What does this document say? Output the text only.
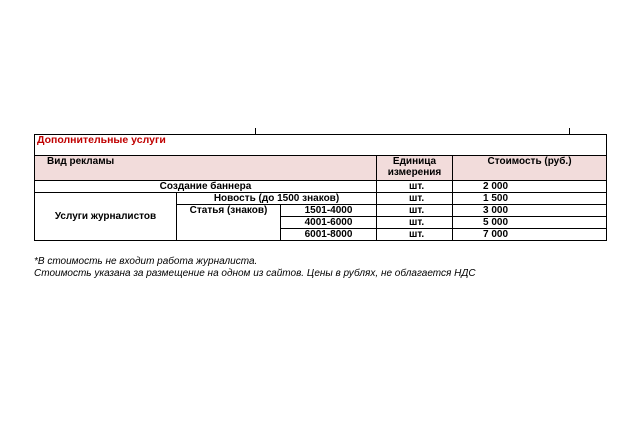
Дополнительные услуги				
Вид рекламы			Единица измерения	Стоимость (руб.)
Создание баннера			шт.	2 000
Услуги журналистов	Новость (до 1500 знаков)		шт.	1 500
	Статья (знаков)	1501-4000	шт.	3 000
		4001-6000	шт.	5 000
		6001-8000	шт.	7 000
*В стоимость не входит работа журналиста.
Стоимость указана за размещение на одном из сайтов. Цены в рублях, не облагается НДС
